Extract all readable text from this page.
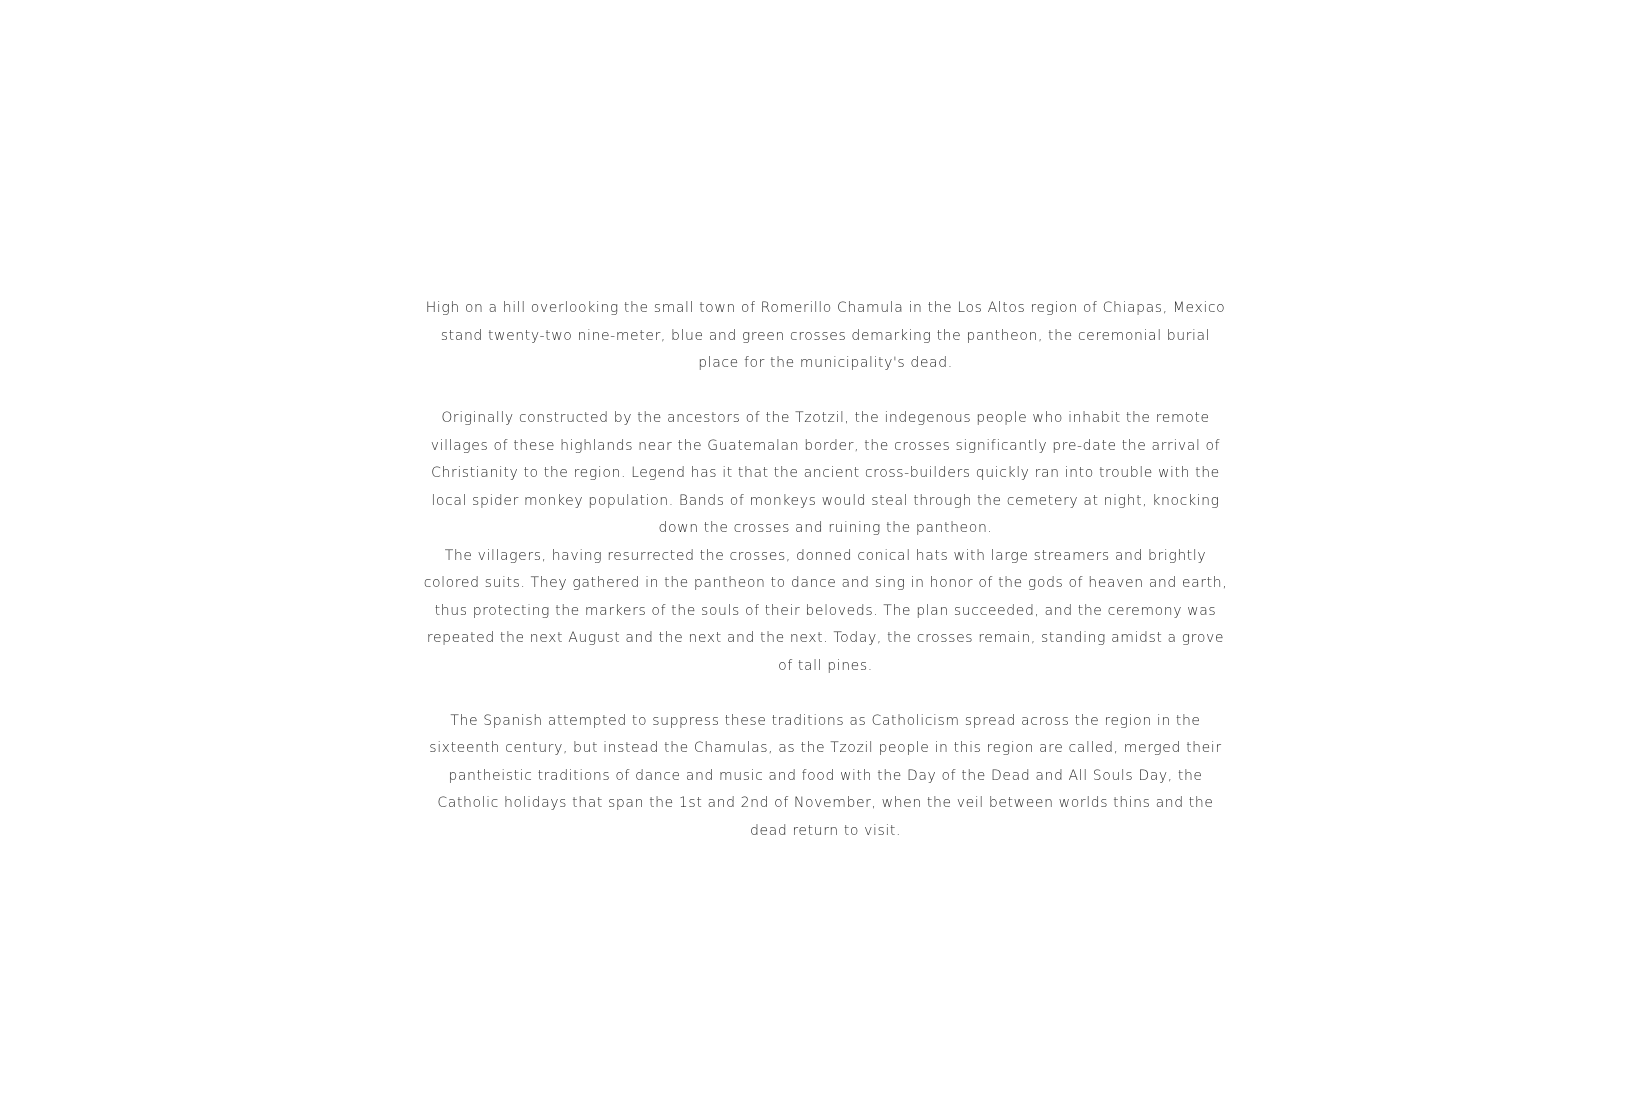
High on a hill overlooking the small town of Romerillo Chamula in the Los Altos region of Chiapas, Mexico
stand twenty-two nine-meter, blue and green crosses demarking the pantheon, the ceremonial burial
place for the municipality's dead.
Originally constructed by the ancestors of the Tzotzil, the indegenous people who inhabit the remote
villages of these highlands near the Guatemalan border, the crosses significantly pre-date the arrival of
Christianity to the region. Legend has it that the ancient cross-builders quickly ran into trouble with the
local spider monkey population. Bands of monkeys would steal through the cemetery at night, knocking
down the crosses and ruining the pantheon.
The villagers, having resurrected the crosses, donned conical hats with large streamers and brightly
colored suits. They gathered in the pantheon to dance and sing in honor of the gods of heaven and earth,
thus protecting the markers of the souls of their beloveds. The plan succeeded, and the ceremony was
repeated the next August and the next and the next. Today, the crosses remain, standing amidst a grove
of tall pines.
The Spanish attempted to suppress these traditions as Catholicism spread across the region in the
sixteenth century, but instead the Chamulas, as the Tzozil people in this region are called, merged their
pantheistic traditions of dance and music and food with the Day of the Dead and All Souls Day, the
Catholic holidays that span the 1st and 2nd of November, when the veil between worlds thins and the
dead return to visit.
